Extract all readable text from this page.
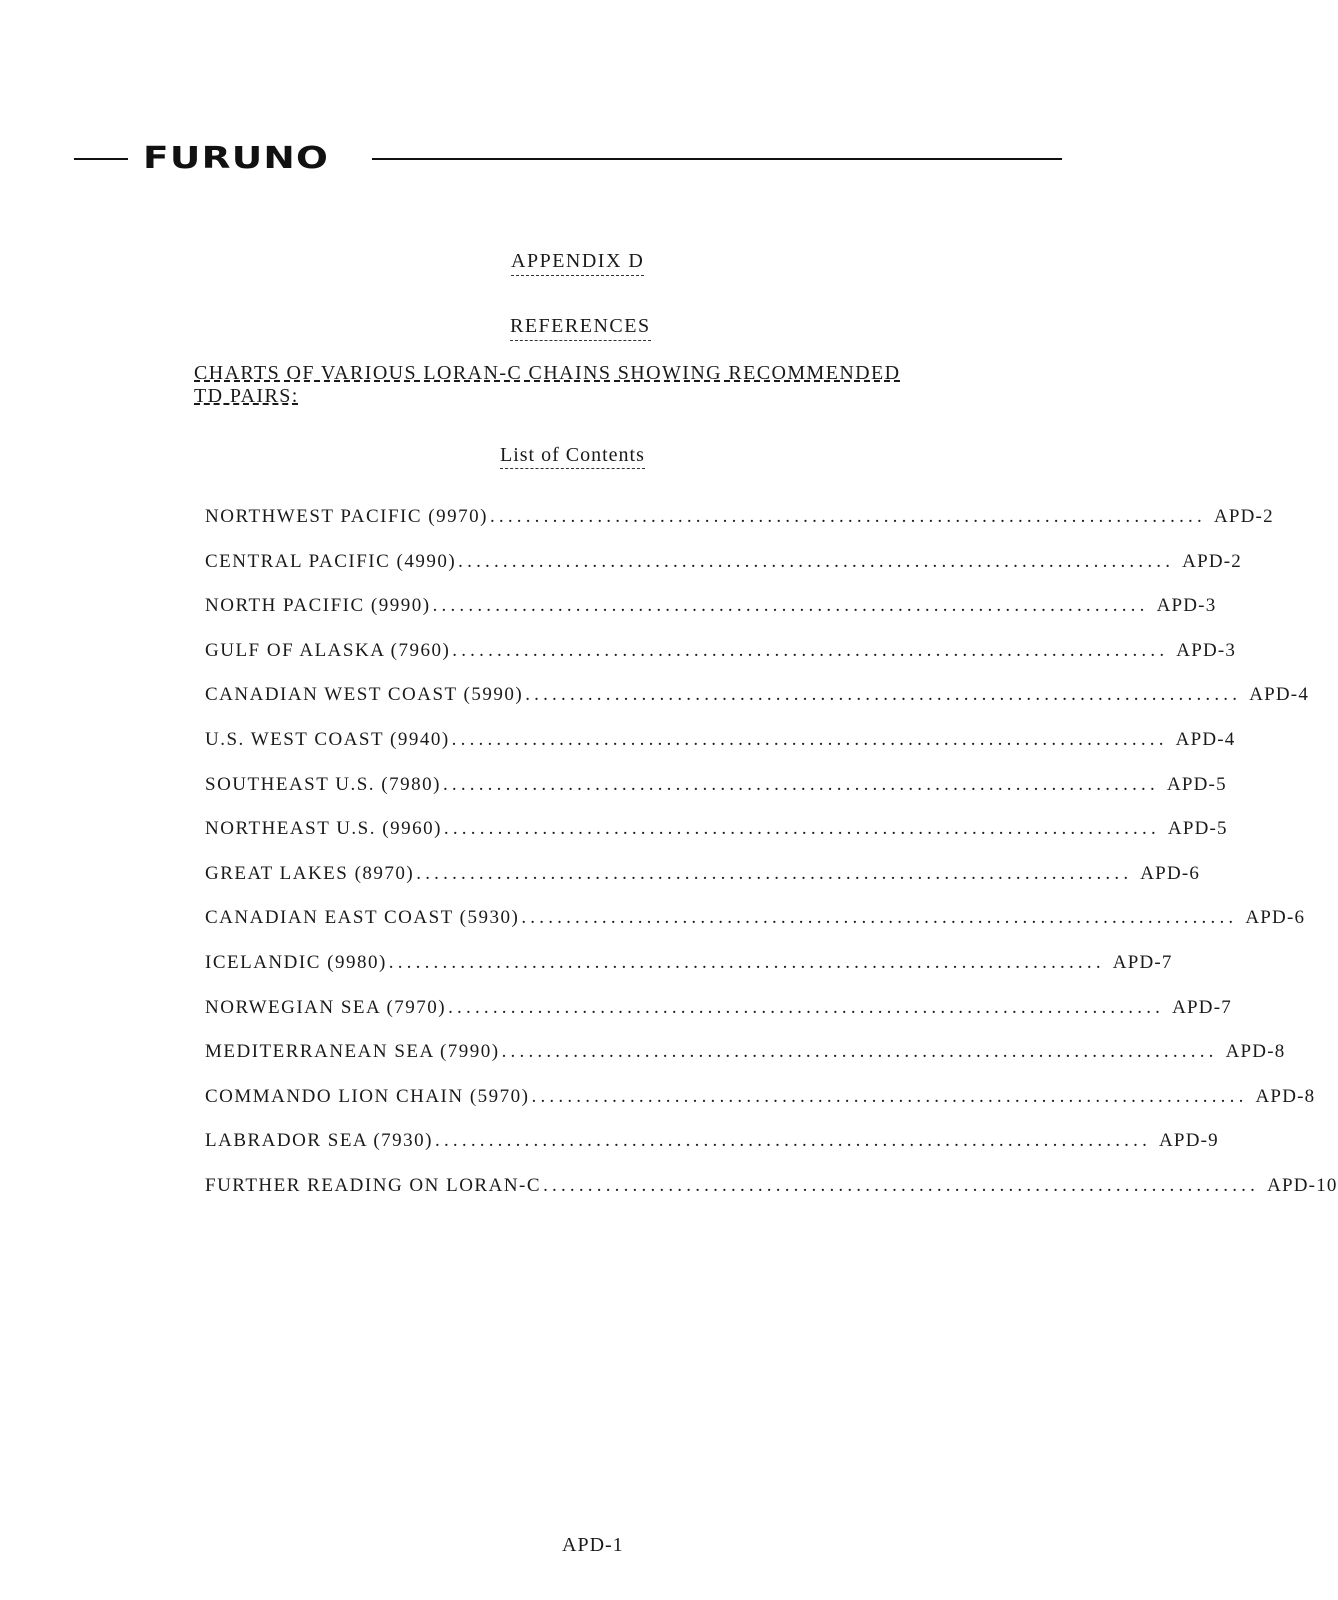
FURUNO
APPENDIX D
REFERENCES
CHARTS OF VARIOUS LORAN-C CHAINS SHOWING RECOMMENDED
TD PAIRS:
List of Contents
NORTHWEST PACIFIC (9970) ................................................................................ APD-2
CENTRAL PACIFIC (4990) ................................................................................ APD-2
NORTH PACIFIC (9990) ................................................................................ APD-3
GULF OF ALASKA (7960) ................................................................................ APD-3
CANADIAN WEST COAST (5990) ................................................................................ APD-4
U.S. WEST COAST (9940) ................................................................................ APD-4
SOUTHEAST U.S. (7980) ................................................................................ APD-5
NORTHEAST U.S. (9960) ................................................................................ APD-5
GREAT LAKES (8970) ................................................................................ APD-6
CANADIAN EAST COAST (5930) ................................................................................ APD-6
ICELANDIC (9980) ................................................................................ APD-7
NORWEGIAN SEA (7970) ................................................................................ APD-7
MEDITERRANEAN SEA (7990) ................................................................................ APD-8
COMMANDO LION CHAIN (5970) ................................................................................ APD-8
LABRADOR SEA (7930) ................................................................................ APD-9
FURTHER READING ON LORAN-C ................................................................................ APD-10
APD-1
